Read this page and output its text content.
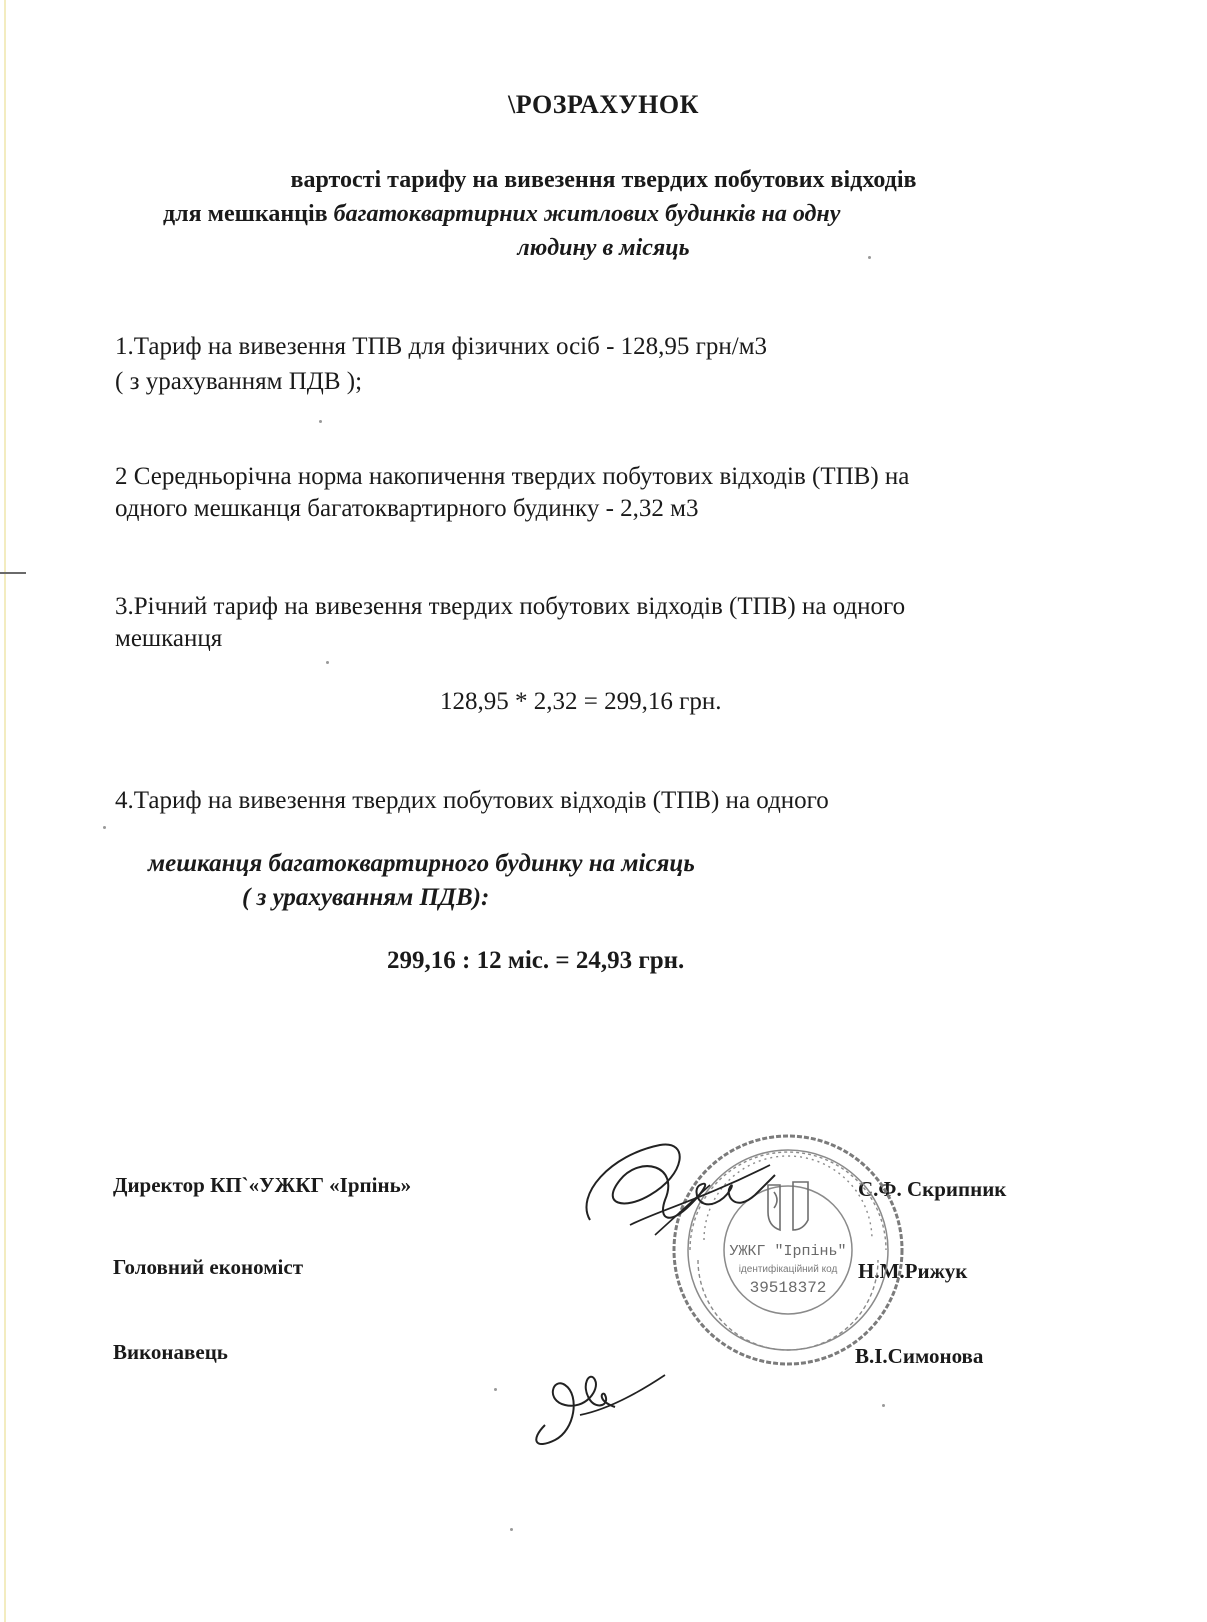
\РОЗРАХУНОК
вартості тарифу на вивезення твердих побутових відходів
для мешканців багатоквартирних житлових будинків на одну
людину в місяць
1.Тариф на вивезення ТПВ для фізичних осіб - 128,95 грн/м3
( з урахуванням ПДВ );
2 Середньорічна норма накопичення твердих побутових відходів (ТПВ) на
одного мешканця багатоквартирного будинку - 2,32 м3
3.Річний тариф на вивезення твердих побутових відходів (ТПВ) на одного
мешканця
128,95 * 2,32 = 299,16 грн.
4.Тариф на вивезення твердих побутових відходів (ТПВ) на одного
мешканця багатоквартирного будинку на місяць
( з урахуванням ПДВ):
299,16 : 12 міс. = 24,93 грн.
Директор КП`«УЖКГ «Ірпінь»	С.Ф. Скрипник
Головний економіст	Н.М.Рижук
Виконавець	В.І.Симонова
УЖКГ "Ірпінь"
ідентифікаційний код
39518372
